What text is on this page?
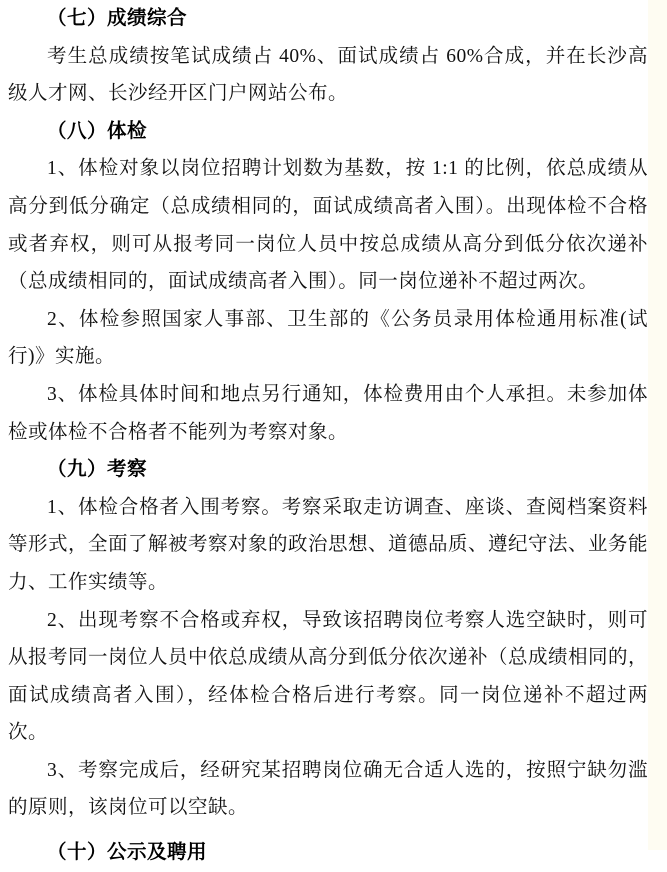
（七）成绩综合
考生总成绩按笔试成绩占 40%、面试成绩占 60%合成，并在长沙高级人才网、长沙经开区门户网站公布。
（八）体检
1、体检对象以岗位招聘计划数为基数，按 1:1 的比例，依总成绩从高分到低分确定（总成绩相同的，面试成绩高者入围）。出现体检不合格或者弃权，则可从报考同一岗位人员中按总成绩从高分到低分依次递补（总成绩相同的，面试成绩高者入围）。同一岗位递补不超过两次。
2、体检参照国家人事部、卫生部的《公务员录用体检通用标准(试行)》实施。
3、体检具体时间和地点另行通知，体检费用由个人承担。未参加体检或体检不合格者不能列为考察对象。
（九）考察
1、体检合格者入围考察。考察采取走访调查、座谈、查阅档案资料等形式，全面了解被考察对象的政治思想、道德品质、遵纪守法、业务能力、工作实绩等。
2、出现考察不合格或弃权，导致该招聘岗位考察人选空缺时，则可从报考同一岗位人员中依总成绩从高分到低分依次递补（总成绩相同的，面试成绩高者入围），经体检合格后进行考察。同一岗位递补不超过两次。
3、考察完成后，经研究某招聘岗位确无合适人选的，按照宁缺勿滥的原则，该岗位可以空缺。
（十）公示及聘用
